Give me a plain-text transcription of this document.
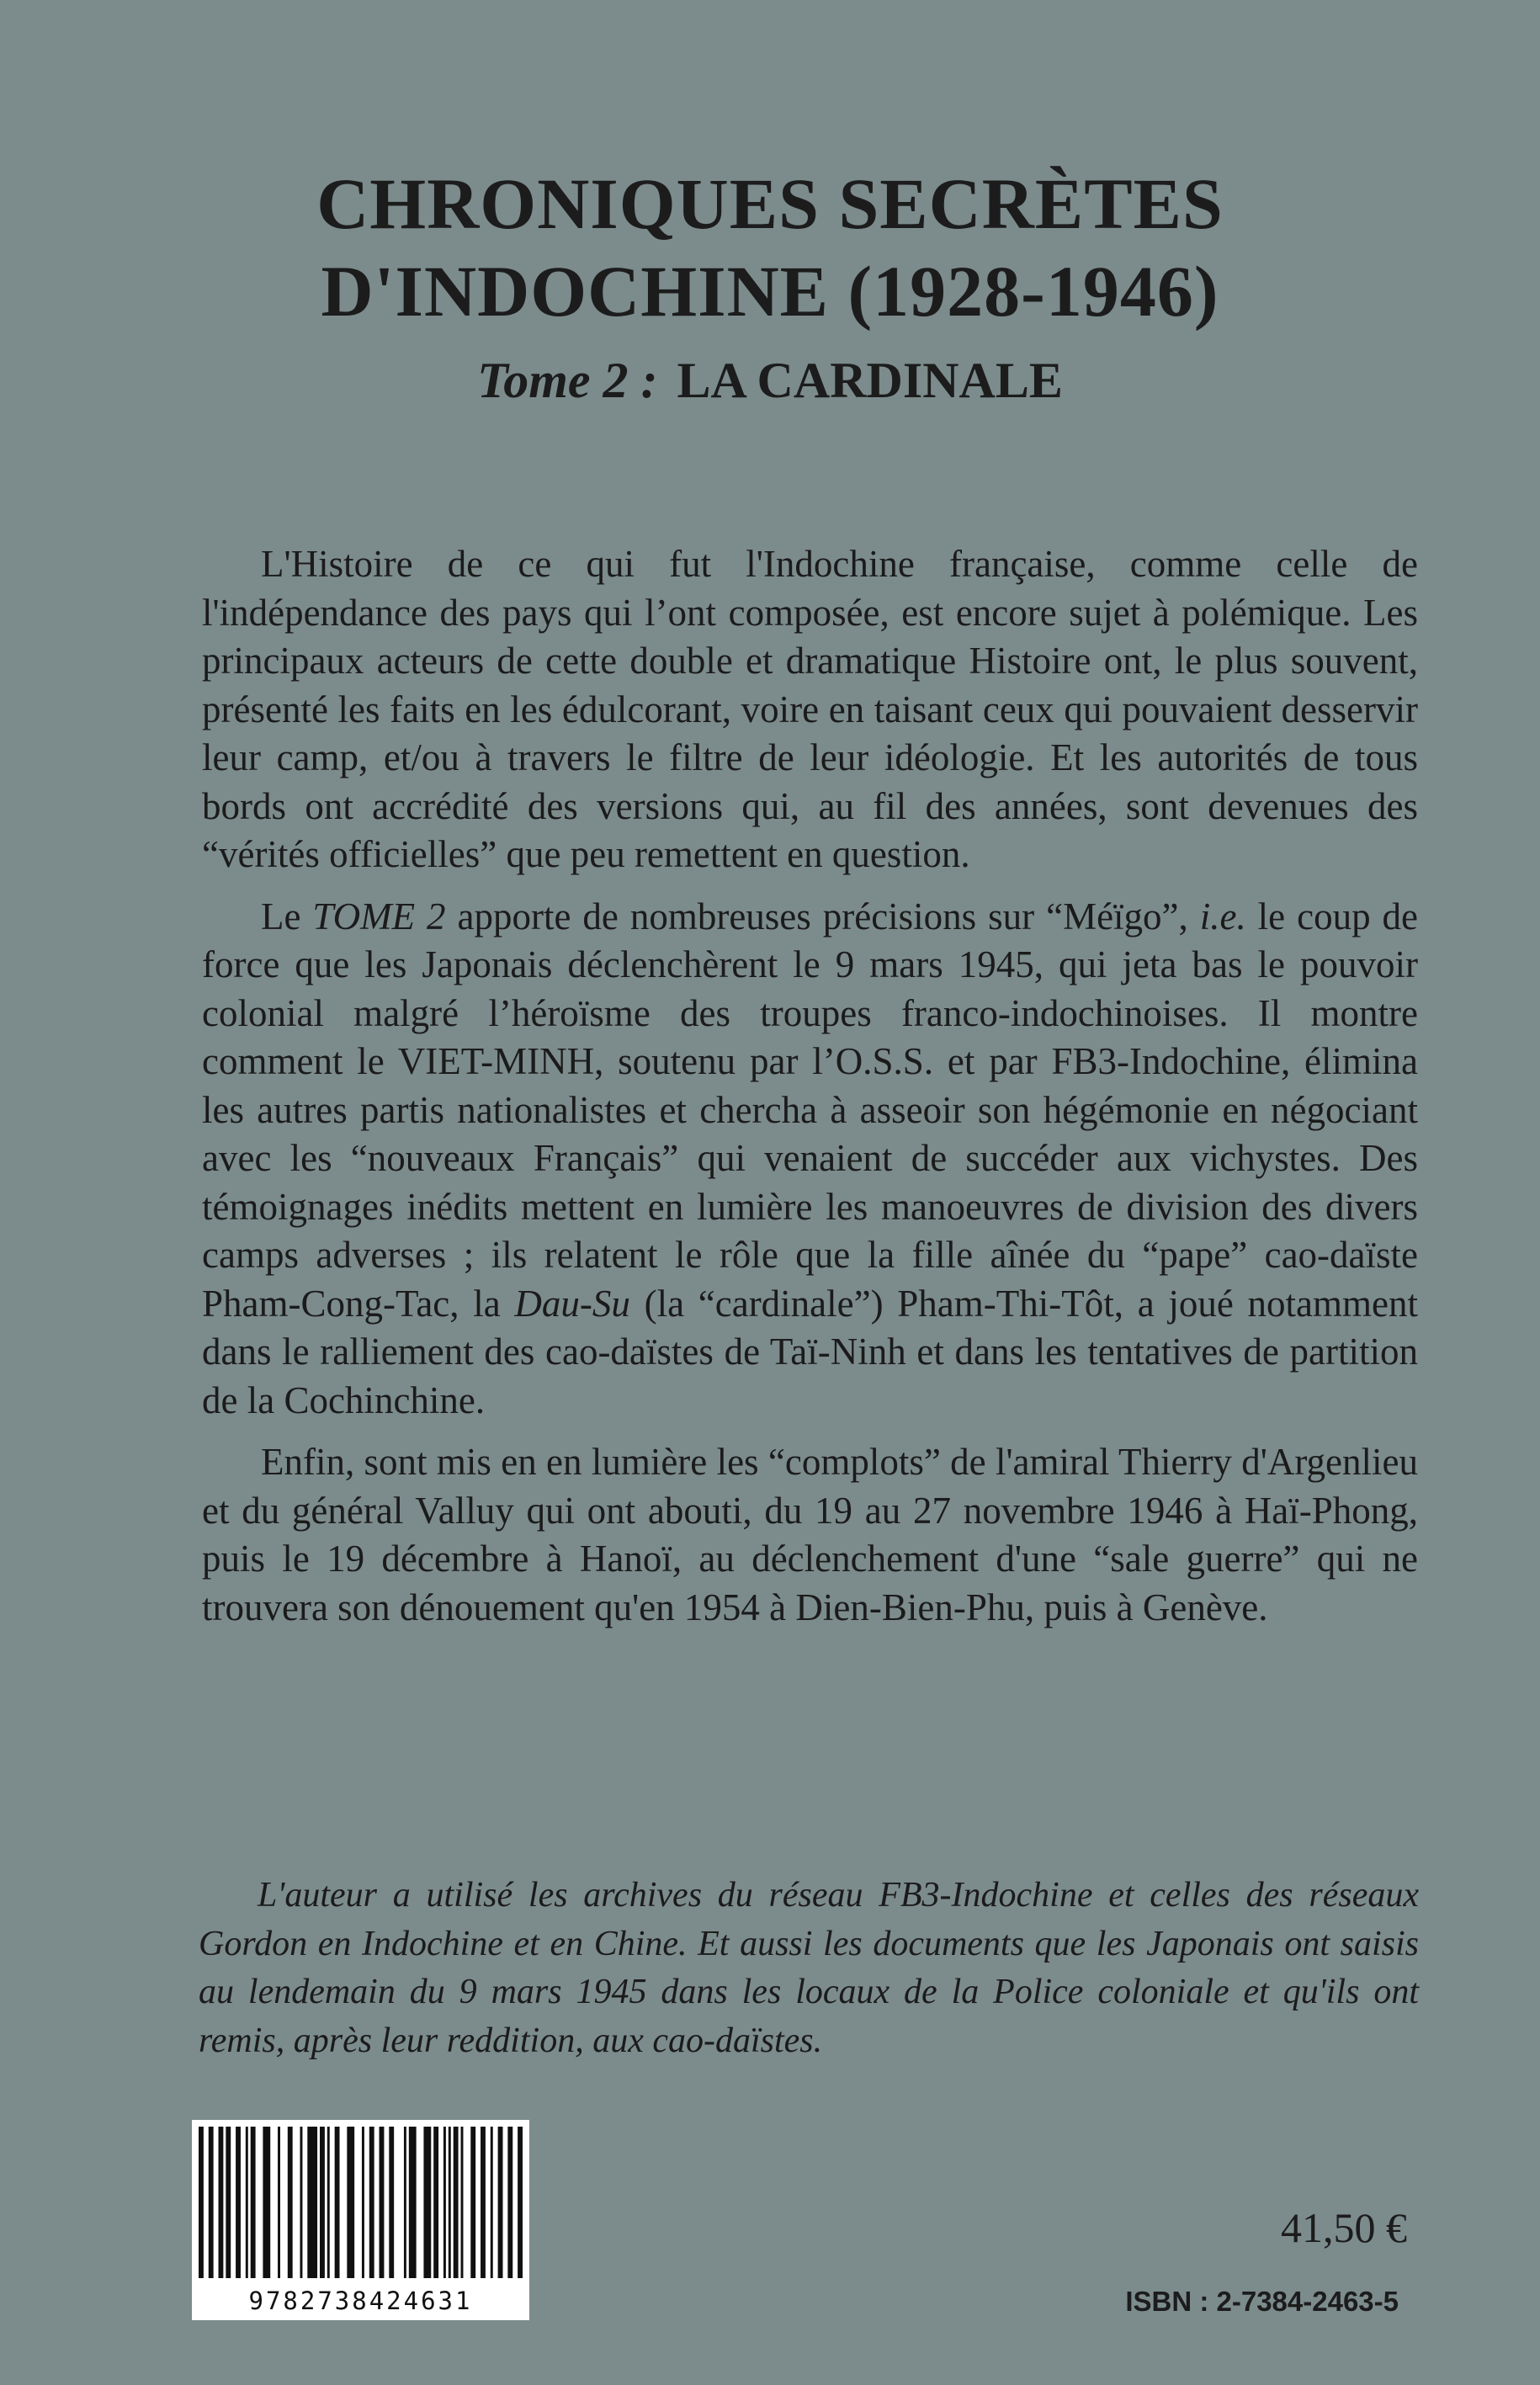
CHRONIQUES SECRÈTES
D'INDOCHINE (1928-1946)
Tome 2 : LA CARDINALE

L'Histoire de ce qui fut l'Indochine française, comme celle de l'indépendance des pays qui l’ont composée, est encore sujet à polémique. Les principaux acteurs de cette double et dramatique Histoire ont, le plus souvent, présenté les faits en les édulcorant, voire en taisant ceux qui pouvaient desservir leur camp, et/ou à travers le filtre de leur idéologie. Et les autorités de tous bords ont accrédité des versions qui, au fil des années, sont devenues des “vérités officielles” que peu remettent en question.

Le TOME 2 apporte de nombreuses précisions sur “Méïgo”, i.e. le coup de force que les Japonais déclenchèrent le 9 mars 1945, qui jeta bas le pouvoir colonial malgré l’héroïsme des troupes franco-indochinoises. Il montre comment le VIET-MINH, soutenu par l’O.S.S. et par FB3-Indochine, élimina les autres partis nationalistes et chercha à asseoir son hégémonie en négociant avec les “nouveaux Français” qui venaient de succéder aux vichystes. Des témoignages inédits mettent en lumière les manoeuvres de division des divers camps adverses ; ils relatent le rôle que la fille aînée du “pape” cao-daïste Pham-Cong-Tac, la Dau-Su (la “cardinale”) Pham-Thi-Tôt, a joué notamment dans le ralliement des cao-daïstes de Taï-Ninh et dans les tentatives de partition de la Cochinchine.

Enfin, sont mis en en lumière les “complots” de l'amiral Thierry d'Argenlieu et du général Valluy qui ont abouti, du 19 au 27 novembre 1946 à Haï-Phong, puis le 19 décembre à Hanoï, au déclenchement d'une “sale guerre” qui ne trouvera son dénouement qu'en 1954 à Dien-Bien-Phu, puis à Genève.

L'auteur a utilisé les archives du réseau FB3-Indochine et celles des réseaux Gordon en Indochine et en Chine. Et aussi les documents que les Japonais ont saisis au lendemain du 9 mars 1945 dans les locaux de la Police coloniale et qu'ils ont remis, après leur reddition, aux cao-daïstes.

9782738424631
41,50 €
ISBN : 2-7384-2463-5
